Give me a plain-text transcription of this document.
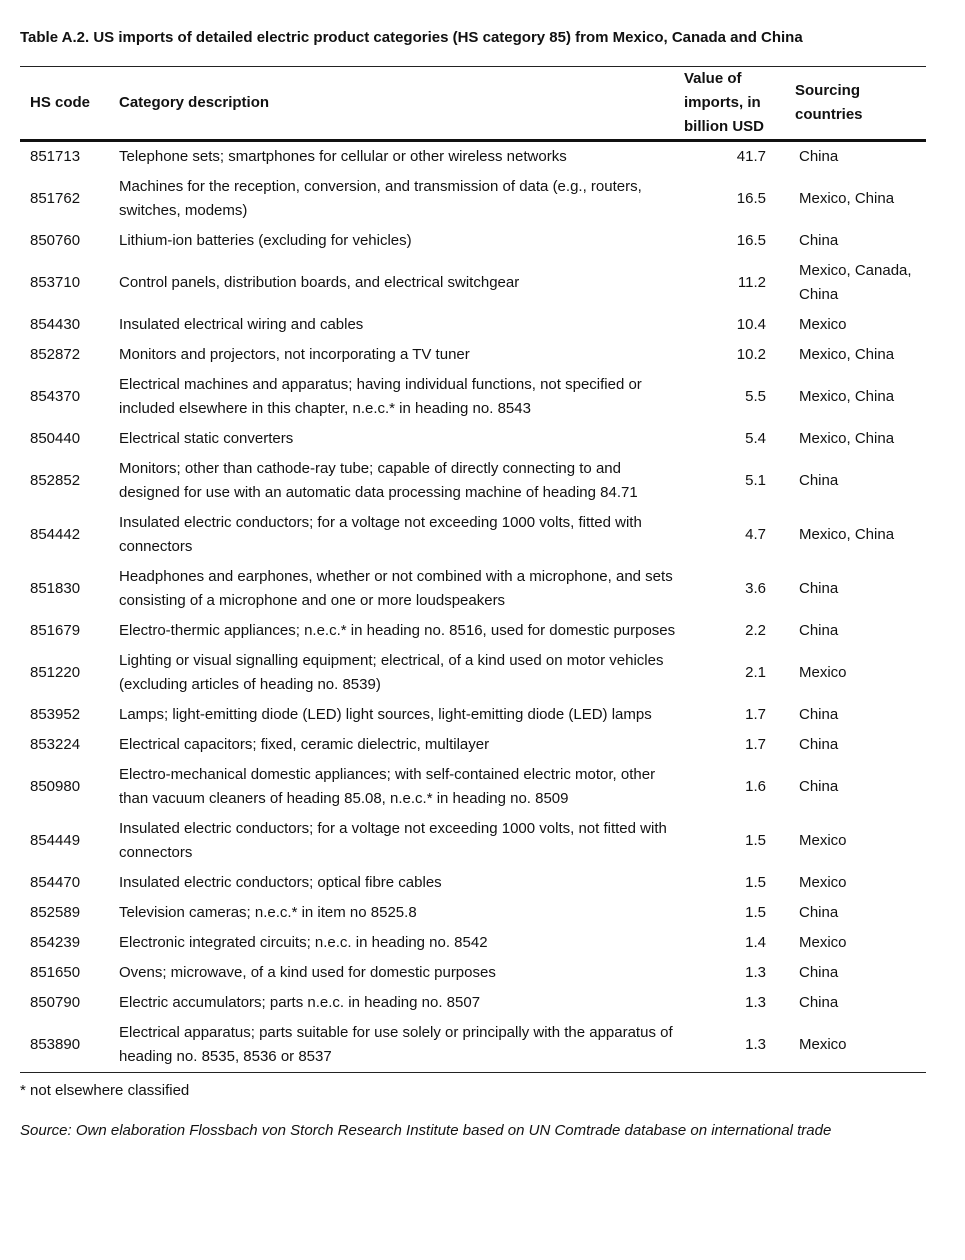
Table A.2. US imports of detailed electric product categories (HS category 85) from Mexico, Canada and China
HS code	Category description	Value of imports, in billion USD	Sourcing countries
851713	Telephone sets; smartphones for cellular or other wireless networks	41.7	China
851762	Machines for the reception, conversion, and transmission of data (e.g., routers, switches, modems)	16.5	Mexico, China
850760	Lithium-ion batteries (excluding for vehicles)	16.5	China
853710	Control panels, distribution boards, and electrical switchgear	11.2	Mexico, Canada, China
854430	Insulated electrical wiring and cables	10.4	Mexico
852872	Monitors and projectors, not incorporating a TV tuner	10.2	Mexico, China
854370	Electrical machines and apparatus; having individual functions, not specified or included elsewhere in this chapter, n.e.c.* in heading no. 8543	5.5	Mexico, China
850440	Electrical static converters	5.4	Mexico, China
852852	Monitors; other than cathode-ray tube; capable of directly connecting to and designed for use with an automatic data processing machine of heading 84.71	5.1	China
854442	Insulated electric conductors; for a voltage not exceeding 1000 volts, fitted with connectors	4.7	Mexico, China
851830	Headphones and earphones, whether or not combined with a microphone, and sets consisting of a microphone and one or more loudspeakers	3.6	China
851679	Electro-thermic appliances; n.e.c.* in heading no. 8516, used for domestic purposes	2.2	China
851220	Lighting or visual signalling equipment; electrical, of a kind used on motor vehicles (excluding articles of heading no. 8539)	2.1	Mexico
853952	Lamps; light-emitting diode (LED) light sources, light-emitting diode (LED) lamps	1.7	China
853224	Electrical capacitors; fixed, ceramic dielectric, multilayer	1.7	China
850980	Electro-mechanical domestic appliances; with self-contained electric motor, other than vacuum cleaners of heading 85.08, n.e.c.* in heading no. 8509	1.6	China
854449	Insulated electric conductors; for a voltage not exceeding 1000 volts, not fitted with connectors	1.5	Mexico
854470	Insulated electric conductors; optical fibre cables	1.5	Mexico
852589	Television cameras; n.e.c.* in item no 8525.8	1.5	China
854239	Electronic integrated circuits; n.e.c. in heading no. 8542	1.4	Mexico
851650	Ovens; microwave, of a kind used for domestic purposes	1.3	China
850790	Electric accumulators; parts n.e.c. in heading no. 8507	1.3	China
853890	Electrical apparatus; parts suitable for use solely or principally with the apparatus of heading no. 8535, 8536 or 8537	1.3	Mexico
* not elsewhere classified
Source: Own elaboration Flossbach von Storch Research Institute based on UN Comtrade database on international trade
